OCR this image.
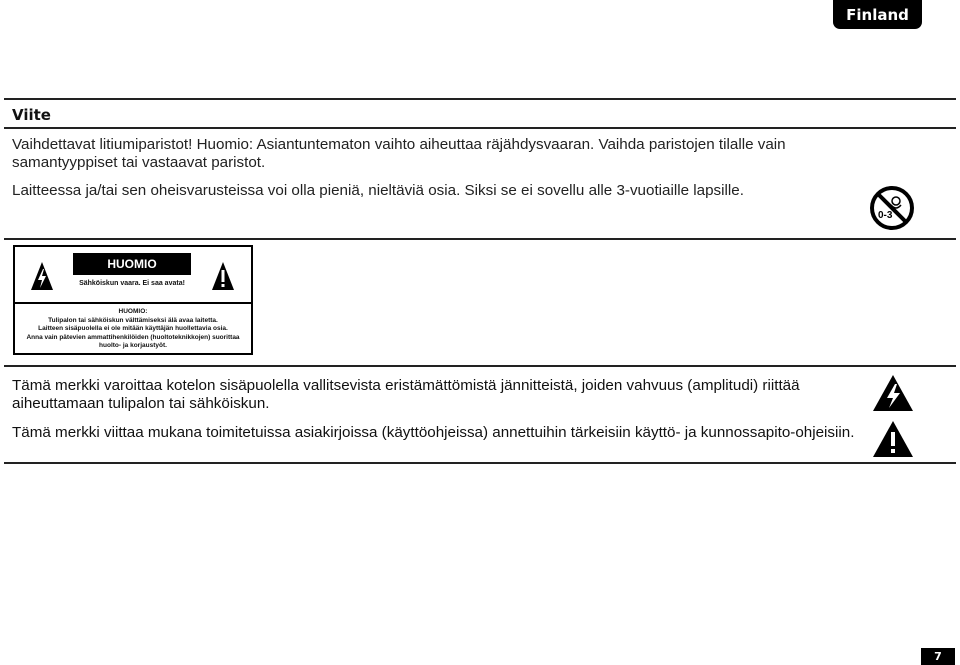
Finland
Viite
Vaihdettavat litiumiparistot! Huomio: Asiantuntematon vaihto aiheuttaa räjähdysvaaran. Vaihda paristojen tilalle vain
samantyyppiset tai vastaavat paristot.
Laitteessa ja/tai sen oheisvarusteissa voi olla pieniä, nieltäviä osia. Siksi se ei sovellu alle 3-vuotiaille lapsille.
0-3
HUOMIO
Sähköiskun vaara. Ei saa avata!
HUOMIO:
Tulipalon tai sähköiskun välttämiseksi älä avaa laitetta.
Laitteen sisäpuolella ei ole mitään käyttäjän huollettavia osia.
Anna vain pätevien ammattihenkilöiden (huoltoteknikkojen) suorittaa
huolto- ja korjaustyöt.
Tämä merkki varoittaa kotelon sisäpuolella vallitsevista eristämättömistä jännitteistä, joiden vahvuus (amplitudi) riittää
aiheuttamaan tulipalon tai sähköiskun.
Tämä merkki viittaa mukana toimitetuissa asiakirjoissa (käyttöohjeissa) annettuihin tärkeisiin käyttö- ja kunnossapito-ohjeisiin.
7
